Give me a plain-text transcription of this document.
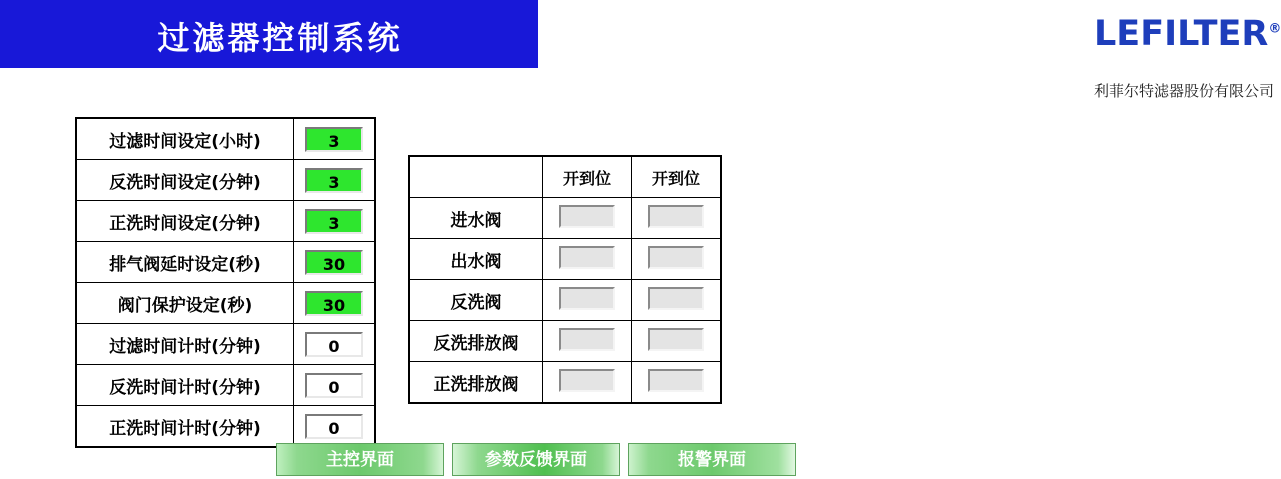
过滤器控制系统	LEFILTER®
利菲尔特滤器股份有限公司
过滤时间设定(小时)	3
反洗时间设定(分钟)	3
正洗时间设定(分钟)	3
排气阀延时设定(秒)	30
阀门保护设定(秒)	30
过滤时间计时(分钟)	0
反洗时间计时(分钟)	0
正洗时间计时(分钟)	0
	开到位	开到位
进水阀		
出水阀		
反洗阀		
反洗排放阀		
正洗排放阀		
主控界面	参数反馈界面	报警界面
